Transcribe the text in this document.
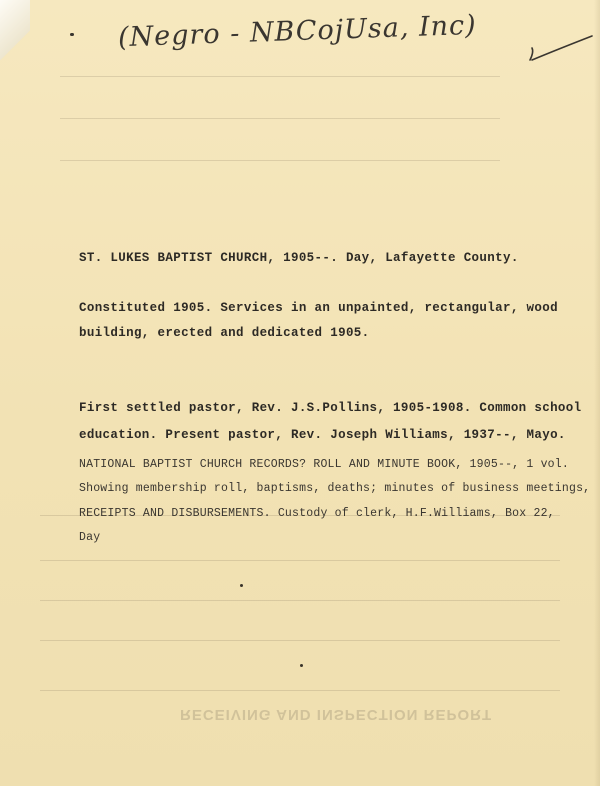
(Negro - NBCojUsa, Inc)
RECEIVING AND INSPECTION REPORT
ST. LUKES BAPTIST CHURCH, 1905--. Day, Lafayette County.
Constituted 1905. Services in an unpainted, rectangular, wood
building, erected and dedicated 1905.
First settled pastor, Rev. J.S.Pollins, 1905-1908. Common school
education. Present pastor, Rev. Joseph Williams, 1937--, Mayo.
NATIONAL BAPTIST CHURCH RECORDS? ROLL AND MINUTE BOOK, 1905--, 1 vol.
Showing membership roll, baptisms, deaths; minutes of business meetings,
RECEIPTS AND DISBURSEMENTS. Custody of clerk, H.F.Williams, Box 22,
Day
